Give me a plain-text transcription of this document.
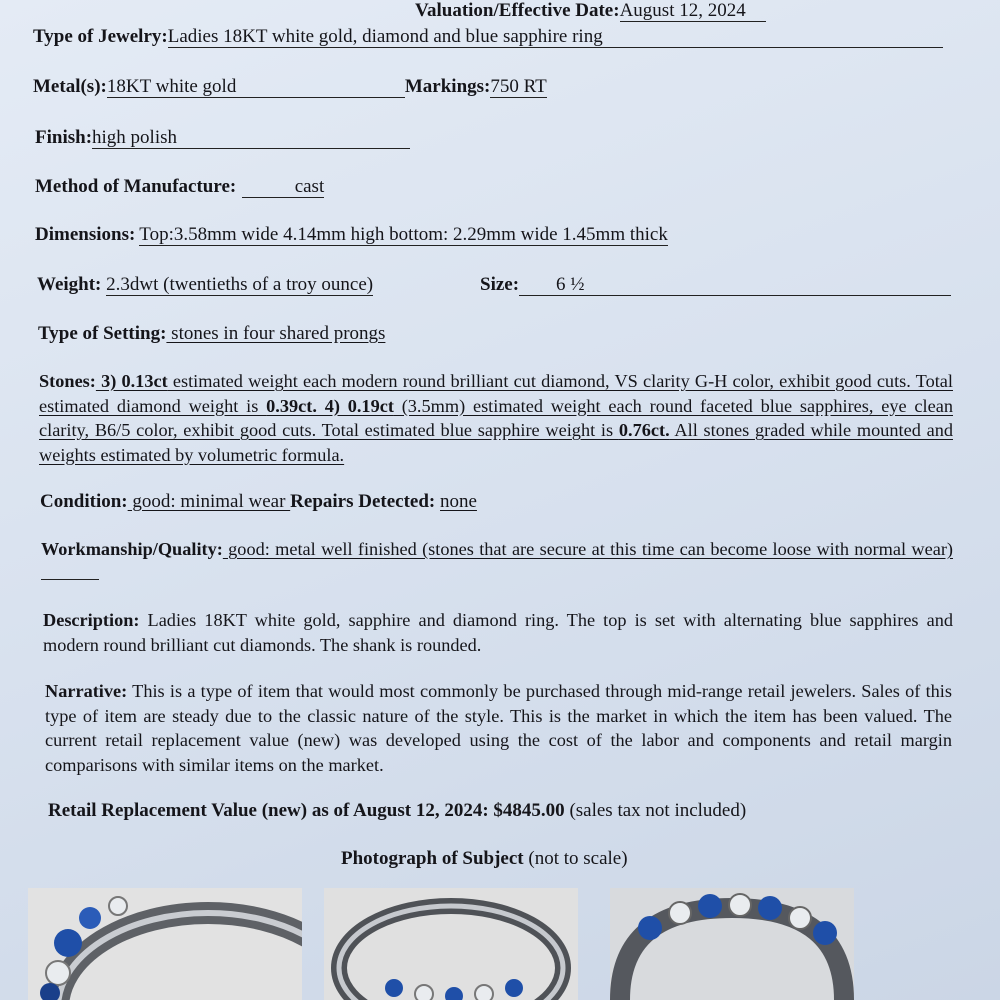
Valuation/Effective Date:August 12, 2024
Type of Jewelry:Ladies 18KT white gold, diamond and blue sapphire ring
Metal(s):18KT white gold	Markings:750 RT
Finish:high polish
Method of Manufacture:	cast
Dimensions:Top:3.58mm wide 4.14mm high bottom: 2.29mm wide 1.45mm thick
Weight: 2.3dwt (twentieths of a troy ounce)	Size: 6 ½
Type of Setting: stones in four shared prongs
Stones: 3) 0.13ct estimated weight each modern round brilliant cut diamond, VS clarity G-H color, exhibit good cuts. Total estimated diamond weight is 0.39ct. 4) 0.19ct (3.5mm) estimated weight each round faceted blue sapphires, eye clean clarity, B6/5 color, exhibit good cuts. Total estimated blue sapphire weight is 0.76ct. All stones graded while mounted and weights estimated by volumetric formula.
Condition: good: minimal wear Repairs Detected: none
Workmanship/Quality: good: metal well finished (stones that are secure at this time can become loose with normal wear)
Description: Ladies 18KT white gold, sapphire and diamond ring. The top is set with alternating blue sapphires and modern round brilliant cut diamonds. The shank is rounded.
Narrative: This is a type of item that would most commonly be purchased through mid-range retail jewelers. Sales of this type of item are steady due to the classic nature of the style. This is the market in which the item has been valued. The current retail replacement value (new) was developed using the cost of the labor and components and retail margin comparisons with similar items on the market.
Retail Replacement Value (new) as of August 12, 2024: $4845.00 (sales tax not included)
Photograph of Subject (not to scale)
